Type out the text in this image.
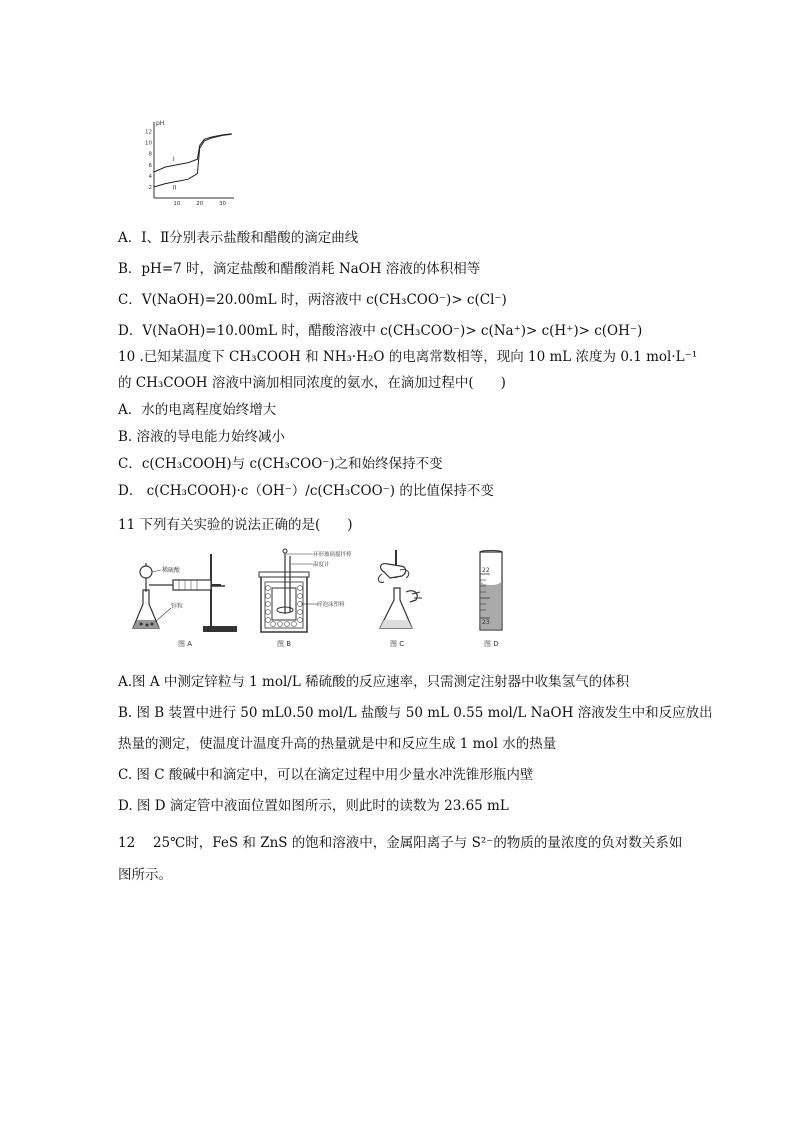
pH
12
10
8
6
4
2
10	20	30
I
II
A．Ⅰ、Ⅱ分别表示盐酸和醋酸的滴定曲线
B．pH=7 时，滴定盐酸和醋酸消耗 NaOH 溶液的体积相等
C．V(NaOH)=20.00mL 时，两溶液中 c(CH₃COO⁻)> c(Cl⁻)
D．V(NaOH)=10.00mL 时，醋酸溶液中 c(CH₃COO⁻)> c(Na⁺)> c(H⁺)> c(OH⁻)
10 .已知某温度下 CH₃COOH 和 NH₃·H₂O 的电离常数相等，现向 10 mL 浓度为 0.1 mol·L⁻¹
的 CH₃COOH 溶液中滴加相同浓度的氨水，在滴加过程中(　　)
A．水的电离程度始终增大
B. 溶液的导电能力始终减小
C．c(CH₃COOH)与 c(CH₃COO⁻)之和始终保持不变
D． c(CH₃COOH)·c（OH⁻）/c(CH₃COO⁻) 的比值保持不变
11 下列有关实验的说法正确的是(　　)
稀硫酸
锌粒
图 A
环形玻璃搅拌棒
温度计
碎泡沫塑料
图 B	图 C
22
23
图 D
A.图 A 中测定锌粒与 1 mol/L 稀硫酸的反应速率，只需测定注射器中收集氢气的体积
B. 图 B 装置中进行 50 mL0.50 mol/L 盐酸与 50 mL 0.55 mol/L NaOH 溶液发生中和反应放出
热量的测定，使温度计温度升高的热量就是中和反应生成 1 mol 水的热量
C. 图 C 酸碱中和滴定中，可以在滴定过程中用少量水冲洗锥形瓶内壁
D. 图 D 滴定管中液面位置如图所示，则此时的读数为 23.65 mL
12　 25℃时，FeS 和 ZnS 的饱和溶液中，金属阳离子与 S²⁻的物质的量浓度的负对数关系如
图所示。
